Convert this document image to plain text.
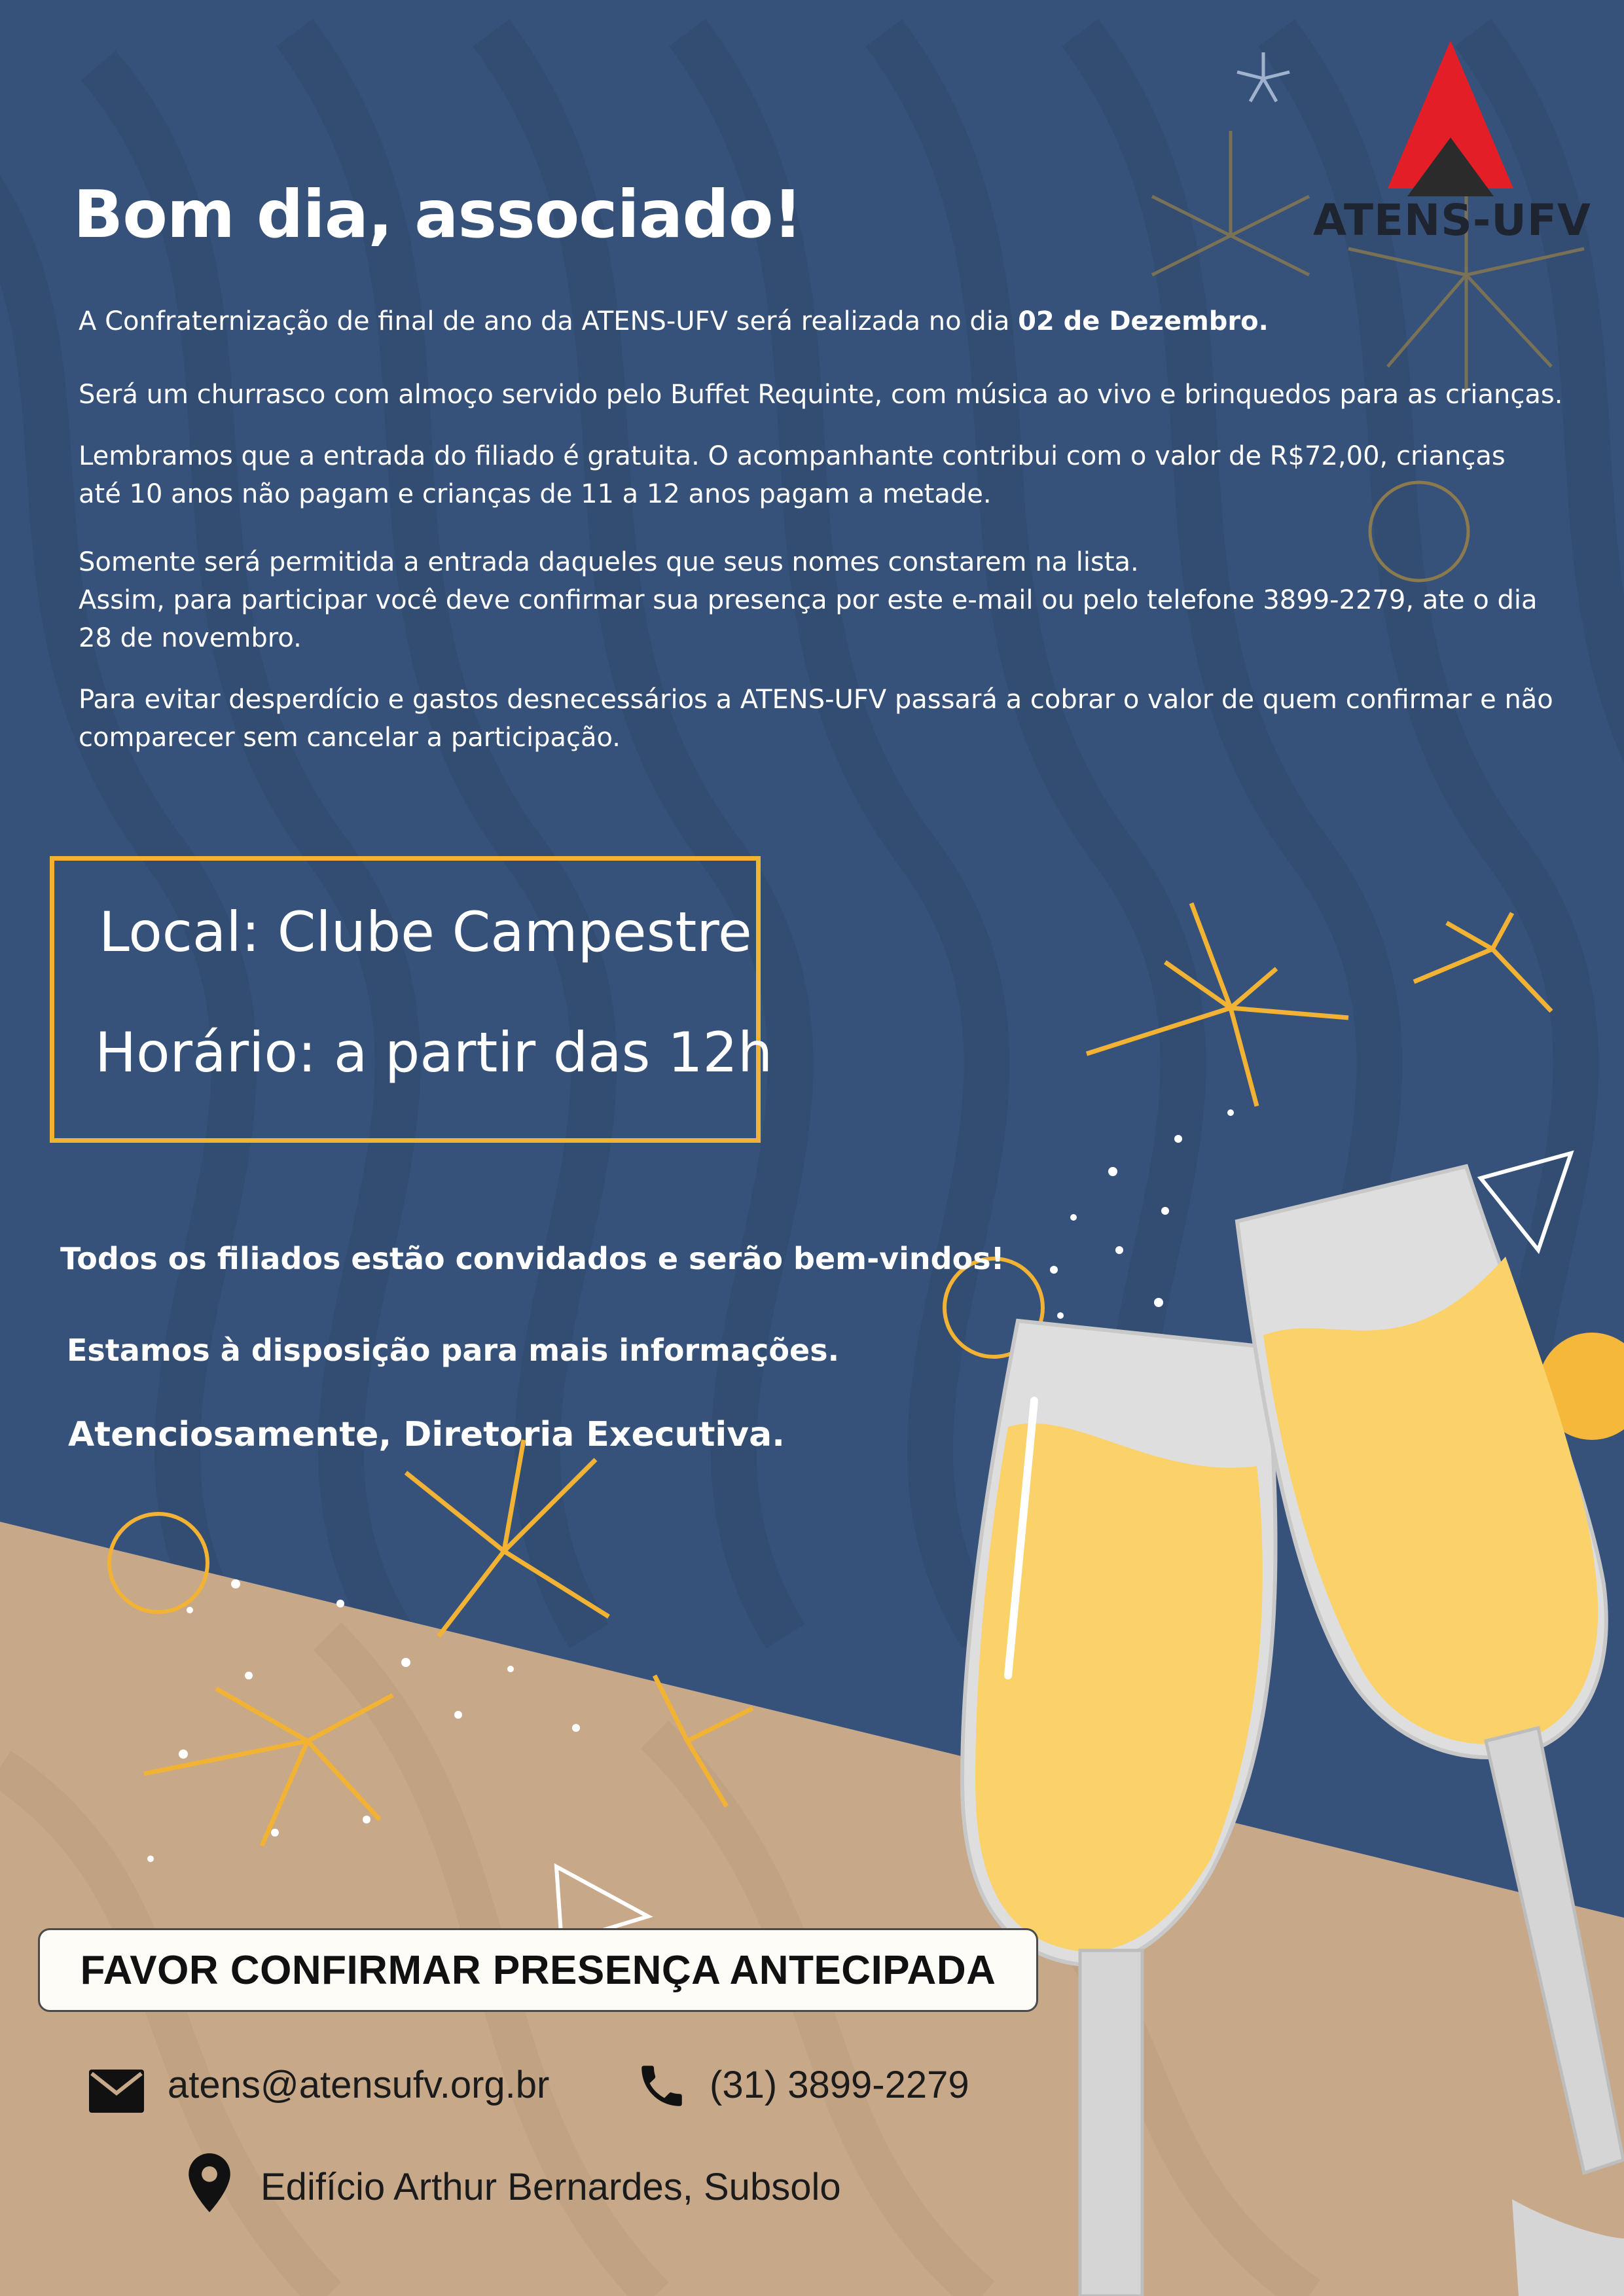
ATENS-UFV
Bom dia, associado!
A Confraternização de final de ano da ATENS-UFV será realizada no dia 02 de Dezembro.
Será um churrasco com almoço servido pelo Buffet Requinte, com música ao vivo e brinquedos para as crianças.
Lembramos que a entrada do filiado é gratuita. O acompanhante contribui com o valor de R$72,00, crianças
até 10 anos não pagam e crianças de 11 a 12 anos pagam a metade.
Somente será permitida a entrada daqueles que seus nomes constarem na lista.
Assim, para participar você deve confirmar sua presença por este e-mail ou pelo telefone 3899-2279, ate o dia
28 de novembro.
Para evitar desperdício e gastos desnecessários a ATENS-UFV passará a cobrar o valor de quem confirmar e não
comparecer sem cancelar a participação.
Local: Clube Campestre
Horário: a partir das 12h
Todos os filiados estão convidados e serão bem-vindos!
Estamos à disposição para mais informações.
Atenciosamente, Diretoria Executiva.
FAVOR CONFIRMAR PRESENÇA ANTECIPADA
atens@atensufv.org.br	(31) 3899-2279
Edifício Arthur Bernardes, Subsolo
